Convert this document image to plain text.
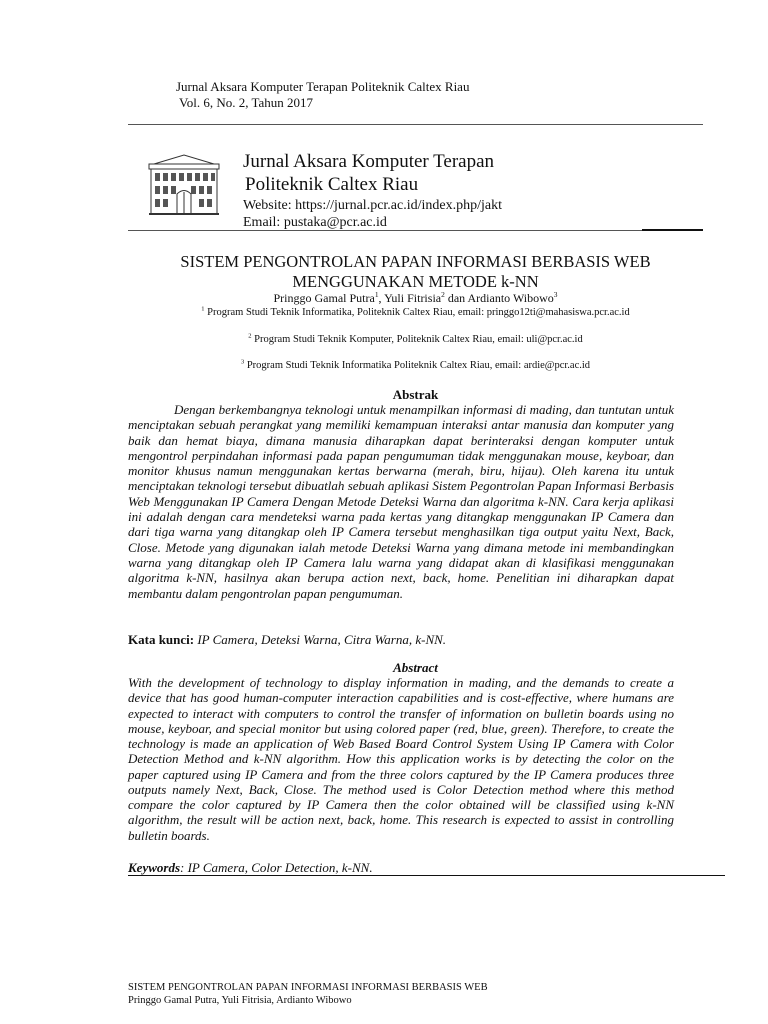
Jurnal Aksara Komputer Terapan Politeknik Caltex Riau
Vol. 6, No. 2, Tahun 2017
Jurnal Aksara Komputer Terapan
Politeknik Caltex Riau
Website: https://jurnal.pcr.ac.id/index.php/jakt
Email: pustaka@pcr.ac.id
SISTEM PENGONTROLAN PAPAN INFORMASI BERBASIS WEB
MENGGUNAKAN METODE k-NN
Pringgo Gamal Putra$^1$, Yuli Fitrisia$^2$ dan Ardianto Wibowo$^3$
$^1$ Program Studi Teknik Informatika, Politeknik Caltex Riau, email: pringgo12ti@mahasiswa.pcr.ac.id
$^2$ Program Studi Teknik Komputer, Politeknik Caltex Riau, email: uli@pcr.ac.id
$^3$ Program Studi Teknik Informatika Politeknik Caltex Riau, email: ardie@pcr.ac.id
Abstrak
Dengan berkembangnya teknologi untuk menampilkan informasi di mading, dan tuntutan untuk menciptakan sebuah perangkat yang memiliki kemampuan interaksi antar manusia dan komputer yang baik dan hemat biaya, dimana manusia diharapkan dapat berinteraksi dengan komputer untuk mengontrol perpindahan informasi pada papan pengumuman tidak menggunakan mouse, keyboar, dan monitor khusus namun menggunakan kertas berwarna (merah, biru, hijau). Oleh karena itu untuk menciptakan teknologi tersebut dibuatlah sebuah aplikasi Sistem Pegontrolan Papan Informasi Berbasis Web Menggunakan IP Camera Dengan Metode Deteksi Warna dan algoritma k-NN. Cara kerja aplikasi ini adalah dengan cara mendeteksi warna pada kertas yang ditangkap menggunakan IP Camera dan dari tiga warna yang ditangkap oleh IP Camera tersebut menghasilkan tiga output yaitu Next, Back, Close. Metode yang digunakan ialah metode Deteksi Warna yang dimana metode ini membandingkan warna yang ditangkap oleh IP Camera lalu warna yang didapat akan di klasifikasi menggunakan algoritma k-NN, hasilnya akan berupa action next, back, home. Penelitian ini diharapkan dapat membantu dalam pengontrolan papan pengumuman.
Kata kunci: IP Camera, Deteksi Warna, Citra Warna, k-NN.
Abstract
With the development of technology to display information in mading, and the demands to create a device that has good human-computer interaction capabilities and is cost-effective, where humans are expected to interact with computers to control the transfer of information on bulletin boards using no mouse, keyboar, and special monitor but using colored paper (red, blue, green). Therefore, to create the technology is made an application of Web Based Board Control System Using IP Camera with Color Detection Method and k-NN algorithm. How this application works is by detecting the color on the paper captured using IP Camera and from the three colors captured by the IP Camera produces three outputs namely Next, Back, Close. The method used is Color Detection method where this method compare the color captured by IP Camera then the color obtained will be classified using k-NN algorithm, the result will be action next, back, home. This research is expected to assist in controlling bulletin boards.
Keywords: IP Camera, Color Detection, k-NN.
SISTEM PENGONTROLAN PAPAN INFORMASI INFORMASI BERBASIS WEB
Pringgo Gamal Putra, Yuli Fitrisia, Ardianto Wibowo
